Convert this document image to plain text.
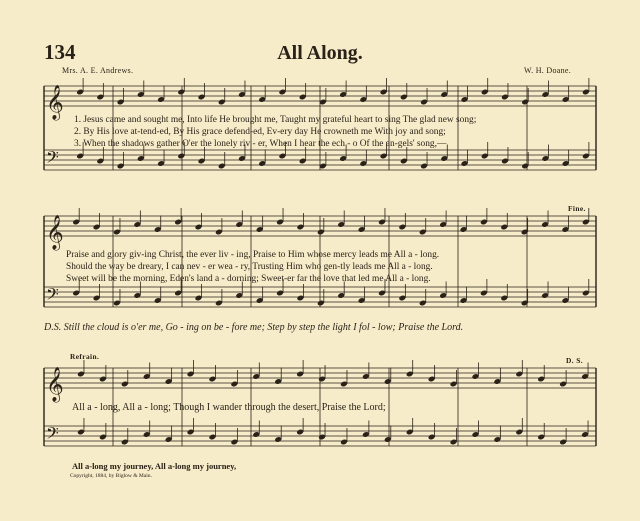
134	All Along.
Mrs. A. E. Andrews.	W. H. Doane.
𝄞
𝄢
𝄞
𝄢
𝄞
𝄢
1. Jesus came and sought me, Into life He brought me, Taught my grateful heart to sing The glad new song;
2. By His love at-tend-ed, By His grace defend-ed, Ev-ery day He crowneth me With joy and song;
3. When the shadows gather O'er the lonely riv - er, When I hear the ech - o Of the an-gels' song,—
Praise and glory giv-ing Christ, the ever liv - ing, Praise to Him whose mercy leads me All a - long.
Should the way be dreary, I can nev - er wea - ry, Trusting Him who gen-tly leads me All a - long.
Sweet will be the morning, Eden's land a - dorning; Sweet-er far the love that led me All a - long.
Fine.
D.S. Still the cloud is o'er me, Go - ing on be - fore me; Step by step the light I fol - low; Praise the Lord.
Refrain.	D. S.
All a - long, All a - long; Though I wander through the desert, Praise the Lord;
All a-long my journey, All a-long my journey,
Copyright, 1884, by Biglow & Main.
